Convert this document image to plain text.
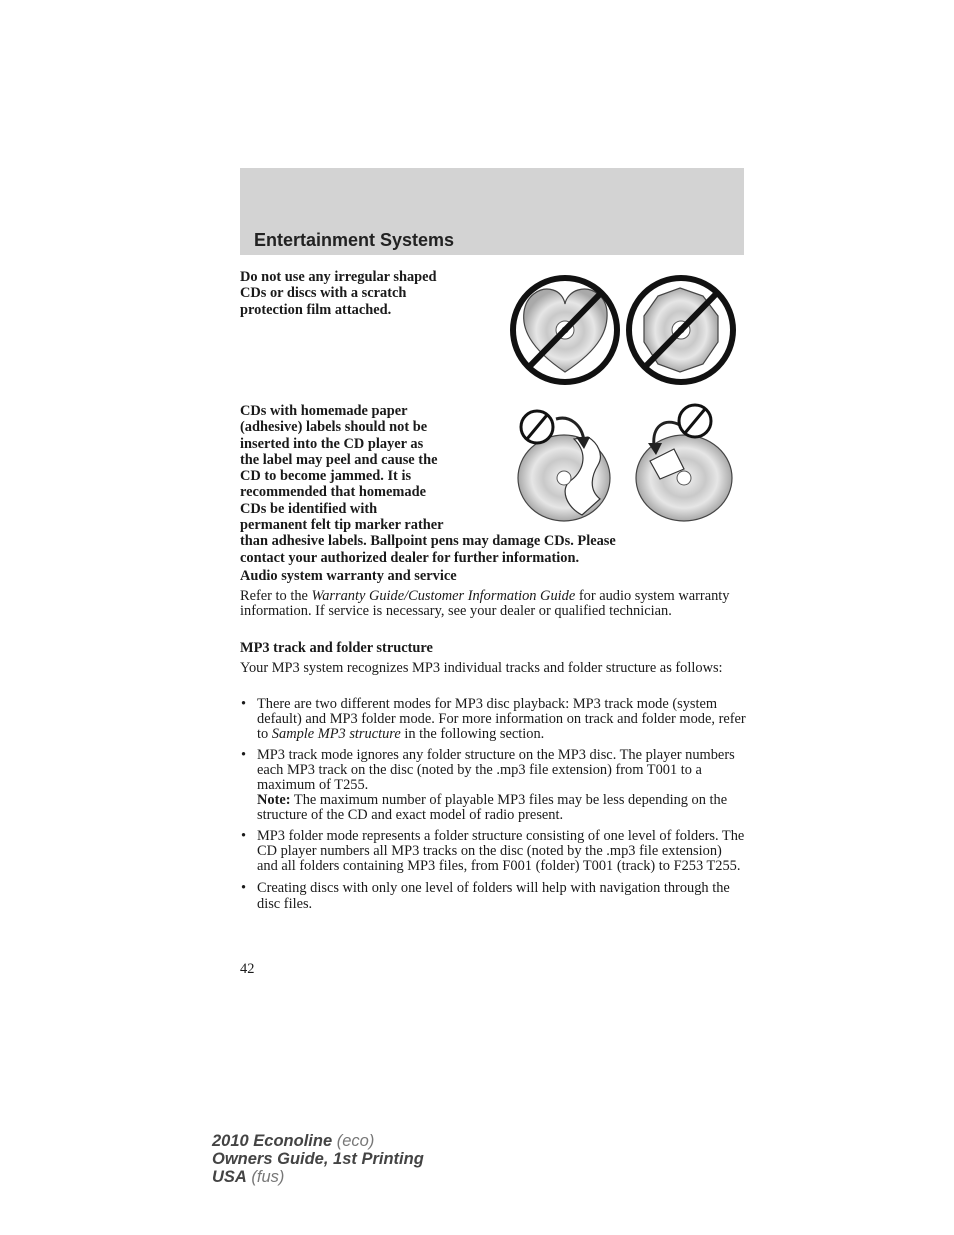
Entertainment Systems
Do not use any irregular shaped
CDs or discs with a scratch
protection film attached.
CDs with homemade paper
(adhesive) labels should not be
inserted into the CD player as
the label may peel and cause the
CD to become jammed. It is
recommended that homemade
CDs be identified with
permanent felt tip marker rather
than adhesive labels. Ballpoint pens may damage CDs. Please
contact your authorized dealer for further information.
Audio system warranty and service
Refer to the Warranty Guide/Customer Information Guide for audio system warranty information. If service is necessary, see your dealer or qualified technician.
MP3 track and folder structure
Your MP3 system recognizes MP3 individual tracks and folder structure as follows:
• There are two different modes for MP3 disc playback: MP3 track mode (system default) and MP3 folder mode. For more information on track and folder mode, refer to Sample MP3 structure in the following section.
• MP3 track mode ignores any folder structure on the MP3 disc. The player numbers each MP3 track on the disc (noted by the .mp3 file extension) from T001 to a maximum of T255.
Note: The maximum number of playable MP3 files may be less depending on the structure of the CD and exact model of radio present.
• MP3 folder mode represents a folder structure consisting of one level of folders. The CD player numbers all MP3 tracks on the disc (noted by the .mp3 file extension) and all folders containing MP3 files, from F001 (folder) T001 (track) to F253 T255.
• Creating discs with only one level of folders will help with navigation through the disc files.
42
2010 Econoline (eco)
Owners Guide, 1st Printing
USA (fus)
